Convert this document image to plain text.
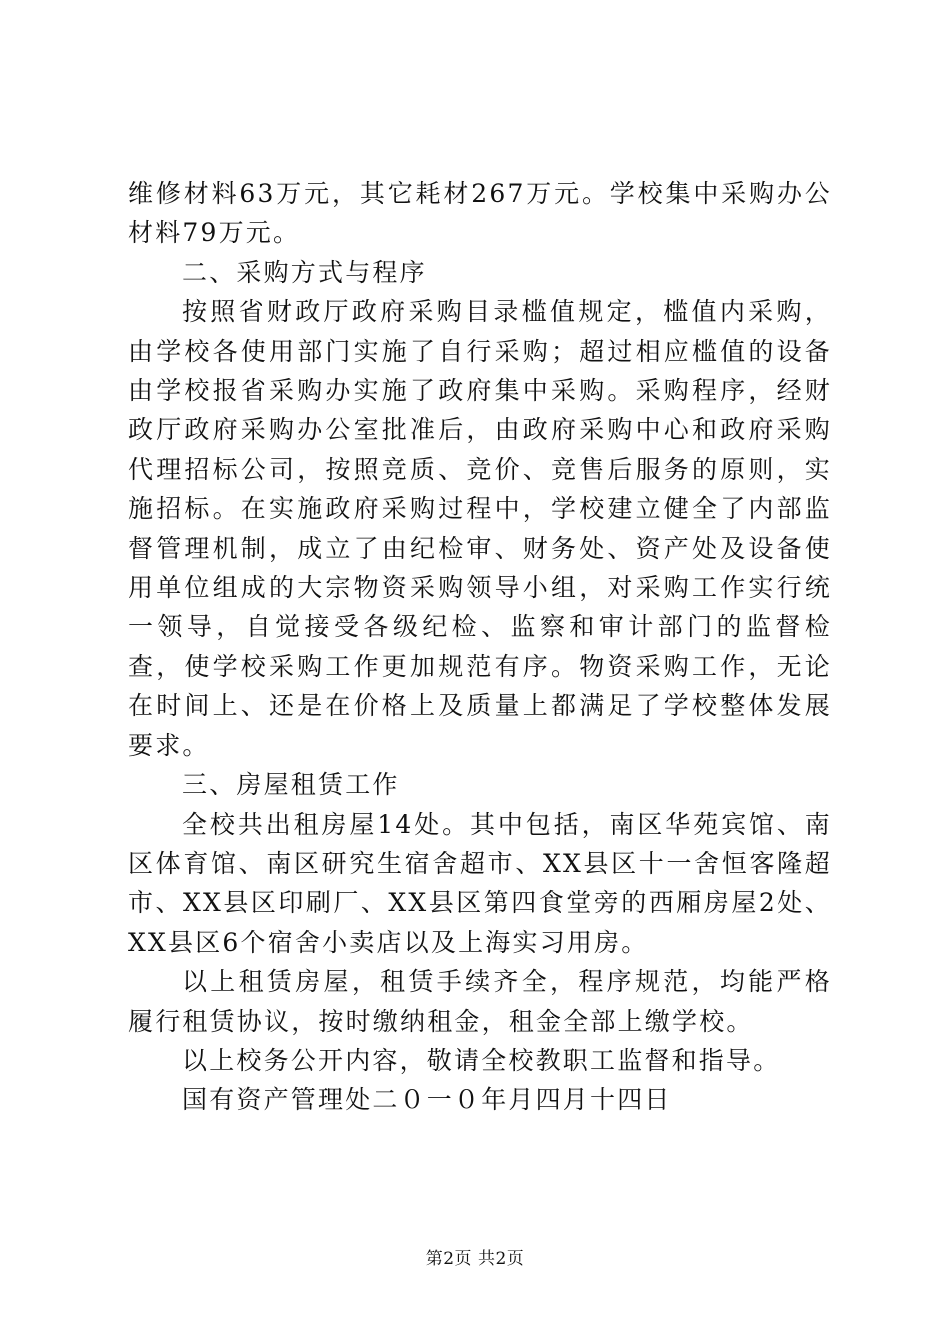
维修材料63万元，其它耗材267万元。学校集中采购办公材料79万元。

二、采购方式与程序

按照省财政厅政府采购目录槛值规定，槛值内采购，由学校各使用部门实施了自行采购；超过相应槛值的设备由学校报省采购办实施了政府集中采购。采购程序，经财政厅政府采购办公室批准后，由政府采购中心和政府采购代理招标公司，按照竞质、竞价、竞售后服务的原则，实施招标。在实施政府采购过程中，学校建立健全了内部监督管理机制，成立了由纪检审、财务处、资产处及设备使用单位组成的大宗物资采购领导小组，对采购工作实行统一领导，自觉接受各级纪检、监察和审计部门的监督检查，使学校采购工作更加规范有序。物资采购工作，无论在时间上、还是在价格上及质量上都满足了学校整体发展要求。

三、房屋租赁工作

全校共出租房屋14处。其中包括，南区华苑宾馆、南区体育馆、南区研究生宿舍超市、XX县区十一舍恒客隆超市、XX县区印刷厂、XX县区第四食堂旁的西厢房屋2处、XX县区6个宿舍小卖店以及上海实习用房。

以上租赁房屋，租赁手续齐全，程序规范，均能严格履行租赁协议，按时缴纳租金，租金全部上缴学校。

以上校务公开内容，敬请全校教职工监督和指导。

国有资产管理处二０一０年月四月十四日

第2页 共2页
